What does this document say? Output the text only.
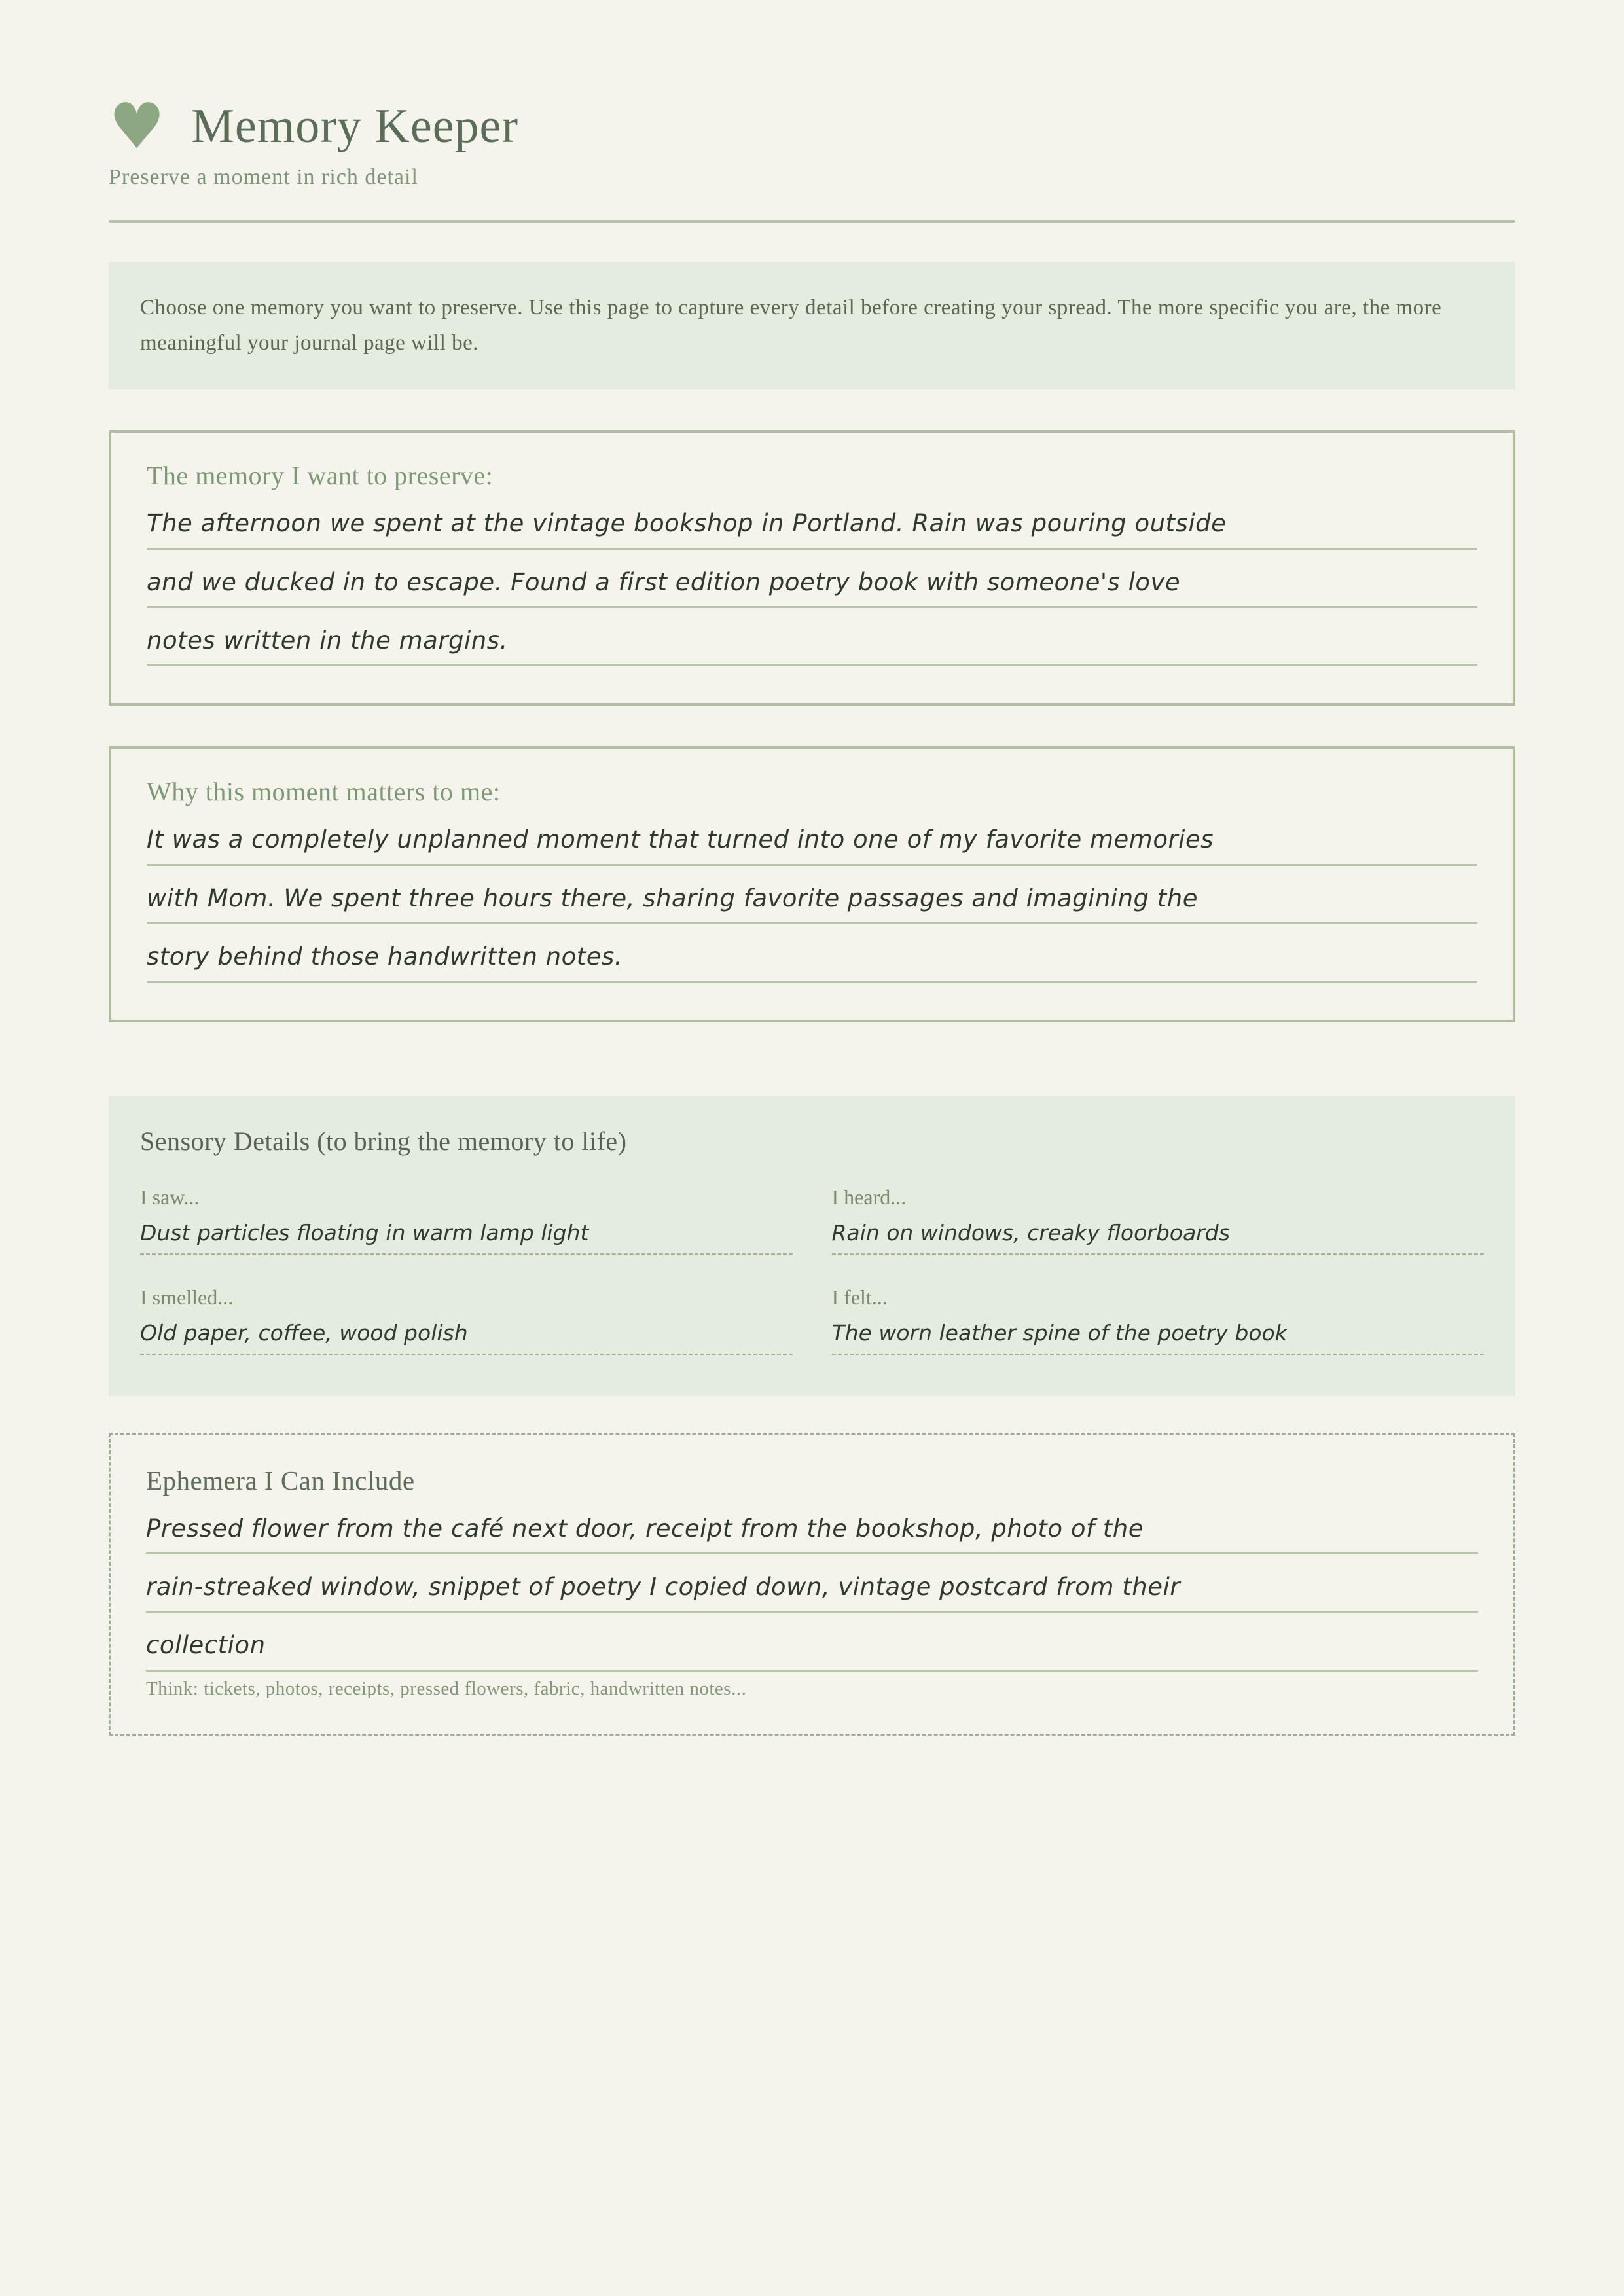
♥ Memory Keeper
Preserve a moment in rich detail
Choose one memory you want to preserve. Use this page to capture every detail before creating your spread. The more specific you are, the more meaningful your journal page will be.
The memory I want to preserve:
The afternoon we spent at the vintage bookshop in Portland. Rain was pouring outside
and we ducked in to escape. Found a first edition poetry book with someone's love
notes written in the margins.
Why this moment matters to me:
It was a completely unplanned moment that turned into one of my favorite memories
with Mom. We spent three hours there, sharing favorite passages and imagining the
story behind those handwritten notes.
Sensory Details (to bring the memory to life)
I saw...
Dust particles floating in warm lamp light
I heard...
Rain on windows, creaky floorboards
I smelled...
Old paper, coffee, wood polish
I felt...
The worn leather spine of the poetry book
Ephemera I Can Include
Pressed flower from the café next door, receipt from the bookshop, photo of the
rain-streaked window, snippet of poetry I copied down, vintage postcard from their
collection
Think: tickets, photos, receipts, pressed flowers, fabric, handwritten notes...
